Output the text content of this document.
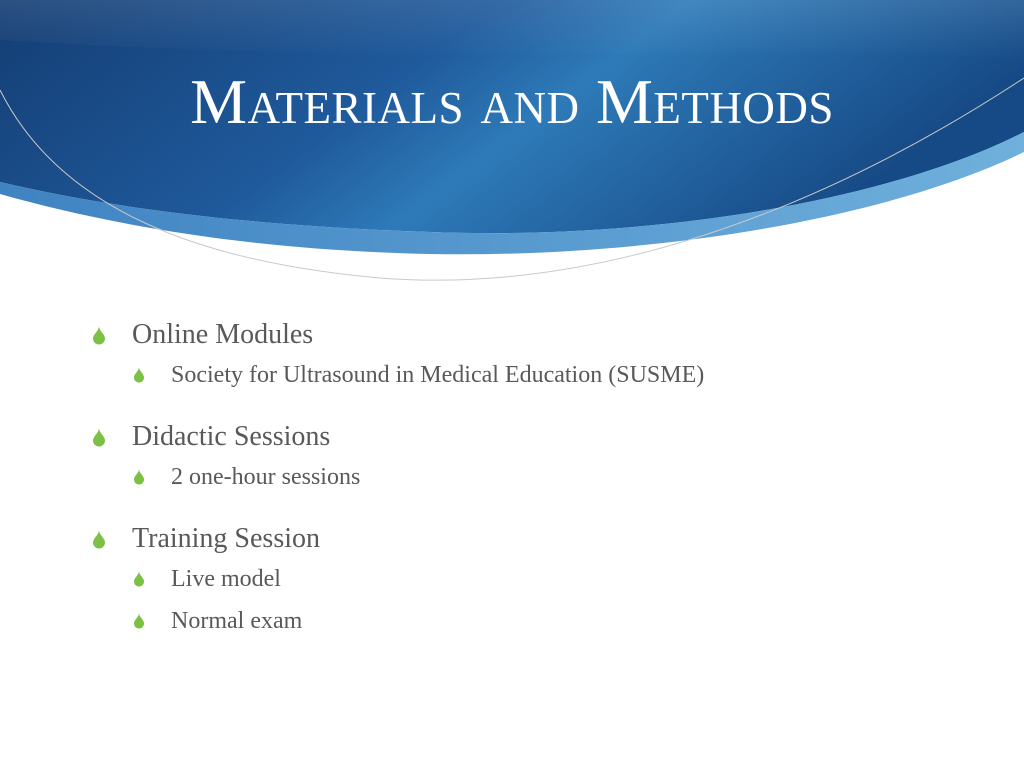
Materials and Methods
Online Modules
Society for Ultrasound in Medical Education (SUSME)
Didactic Sessions
2 one-hour sessions
Training Session
Live model
Normal exam
